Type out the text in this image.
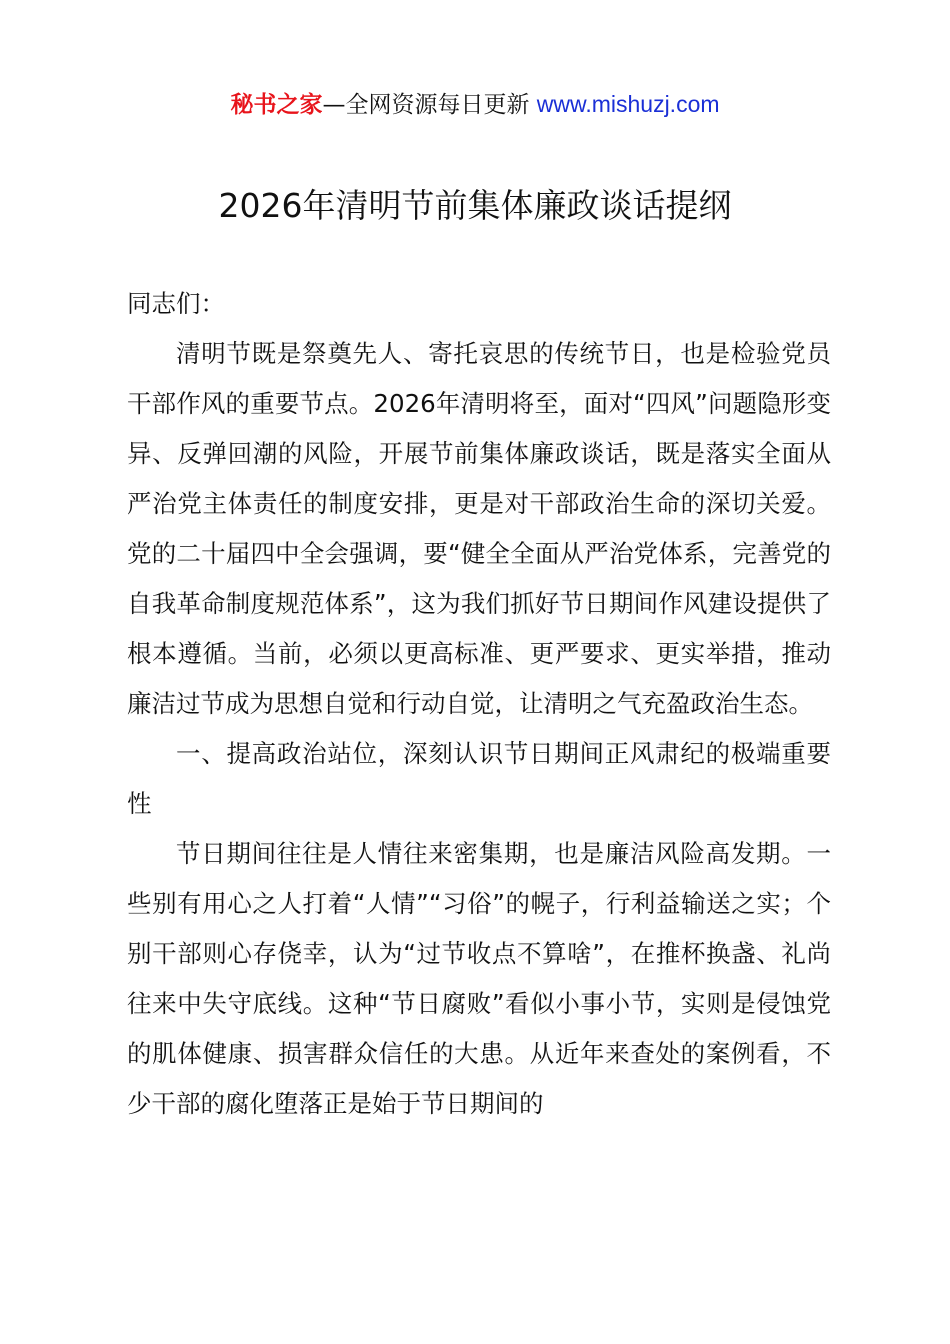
秘书之家—全网资源每日更新 www.mishuzj.com
2026年清明节前集体廉政谈话提纲

同志们：

清明节既是祭奠先人、寄托哀思的传统节日，也是检验党员干部作风的重要节点。2026年清明将至，面对“四风”问题隐形变异、反弹回潮的风险，开展节前集体廉政谈话，既是落实全面从严治党主体责任的制度安排，更是对干部政治生命的深切关爱。党的二十届四中全会强调，要“健全全面从严治党体系，完善党的自我革命制度规范体系”，这为我们抓好节日期间作风建设提供了根本遵循。当前，必须以更高标准、更严要求、更实举措，推动廉洁过节成为思想自觉和行动自觉，让清明之气充盈政治生态。

一、提高政治站位，深刻认识节日期间正风肃纪的极端重要性

节日期间往往是人情往来密集期，也是廉洁风险高发期。一些别有用心之人打着“人情”“习俗”的幌子，行利益输送之实；个别干部则心存侥幸，认为“过节收点不算啥”，在推杯换盏、礼尚往来中失守底线。这种“节日腐败”看似小事小节，实则是侵蚀党的肌体健康、损害群众信任的大患。从近年来查处的案例看，不少干部的腐化堕落正是始于节日期间的
